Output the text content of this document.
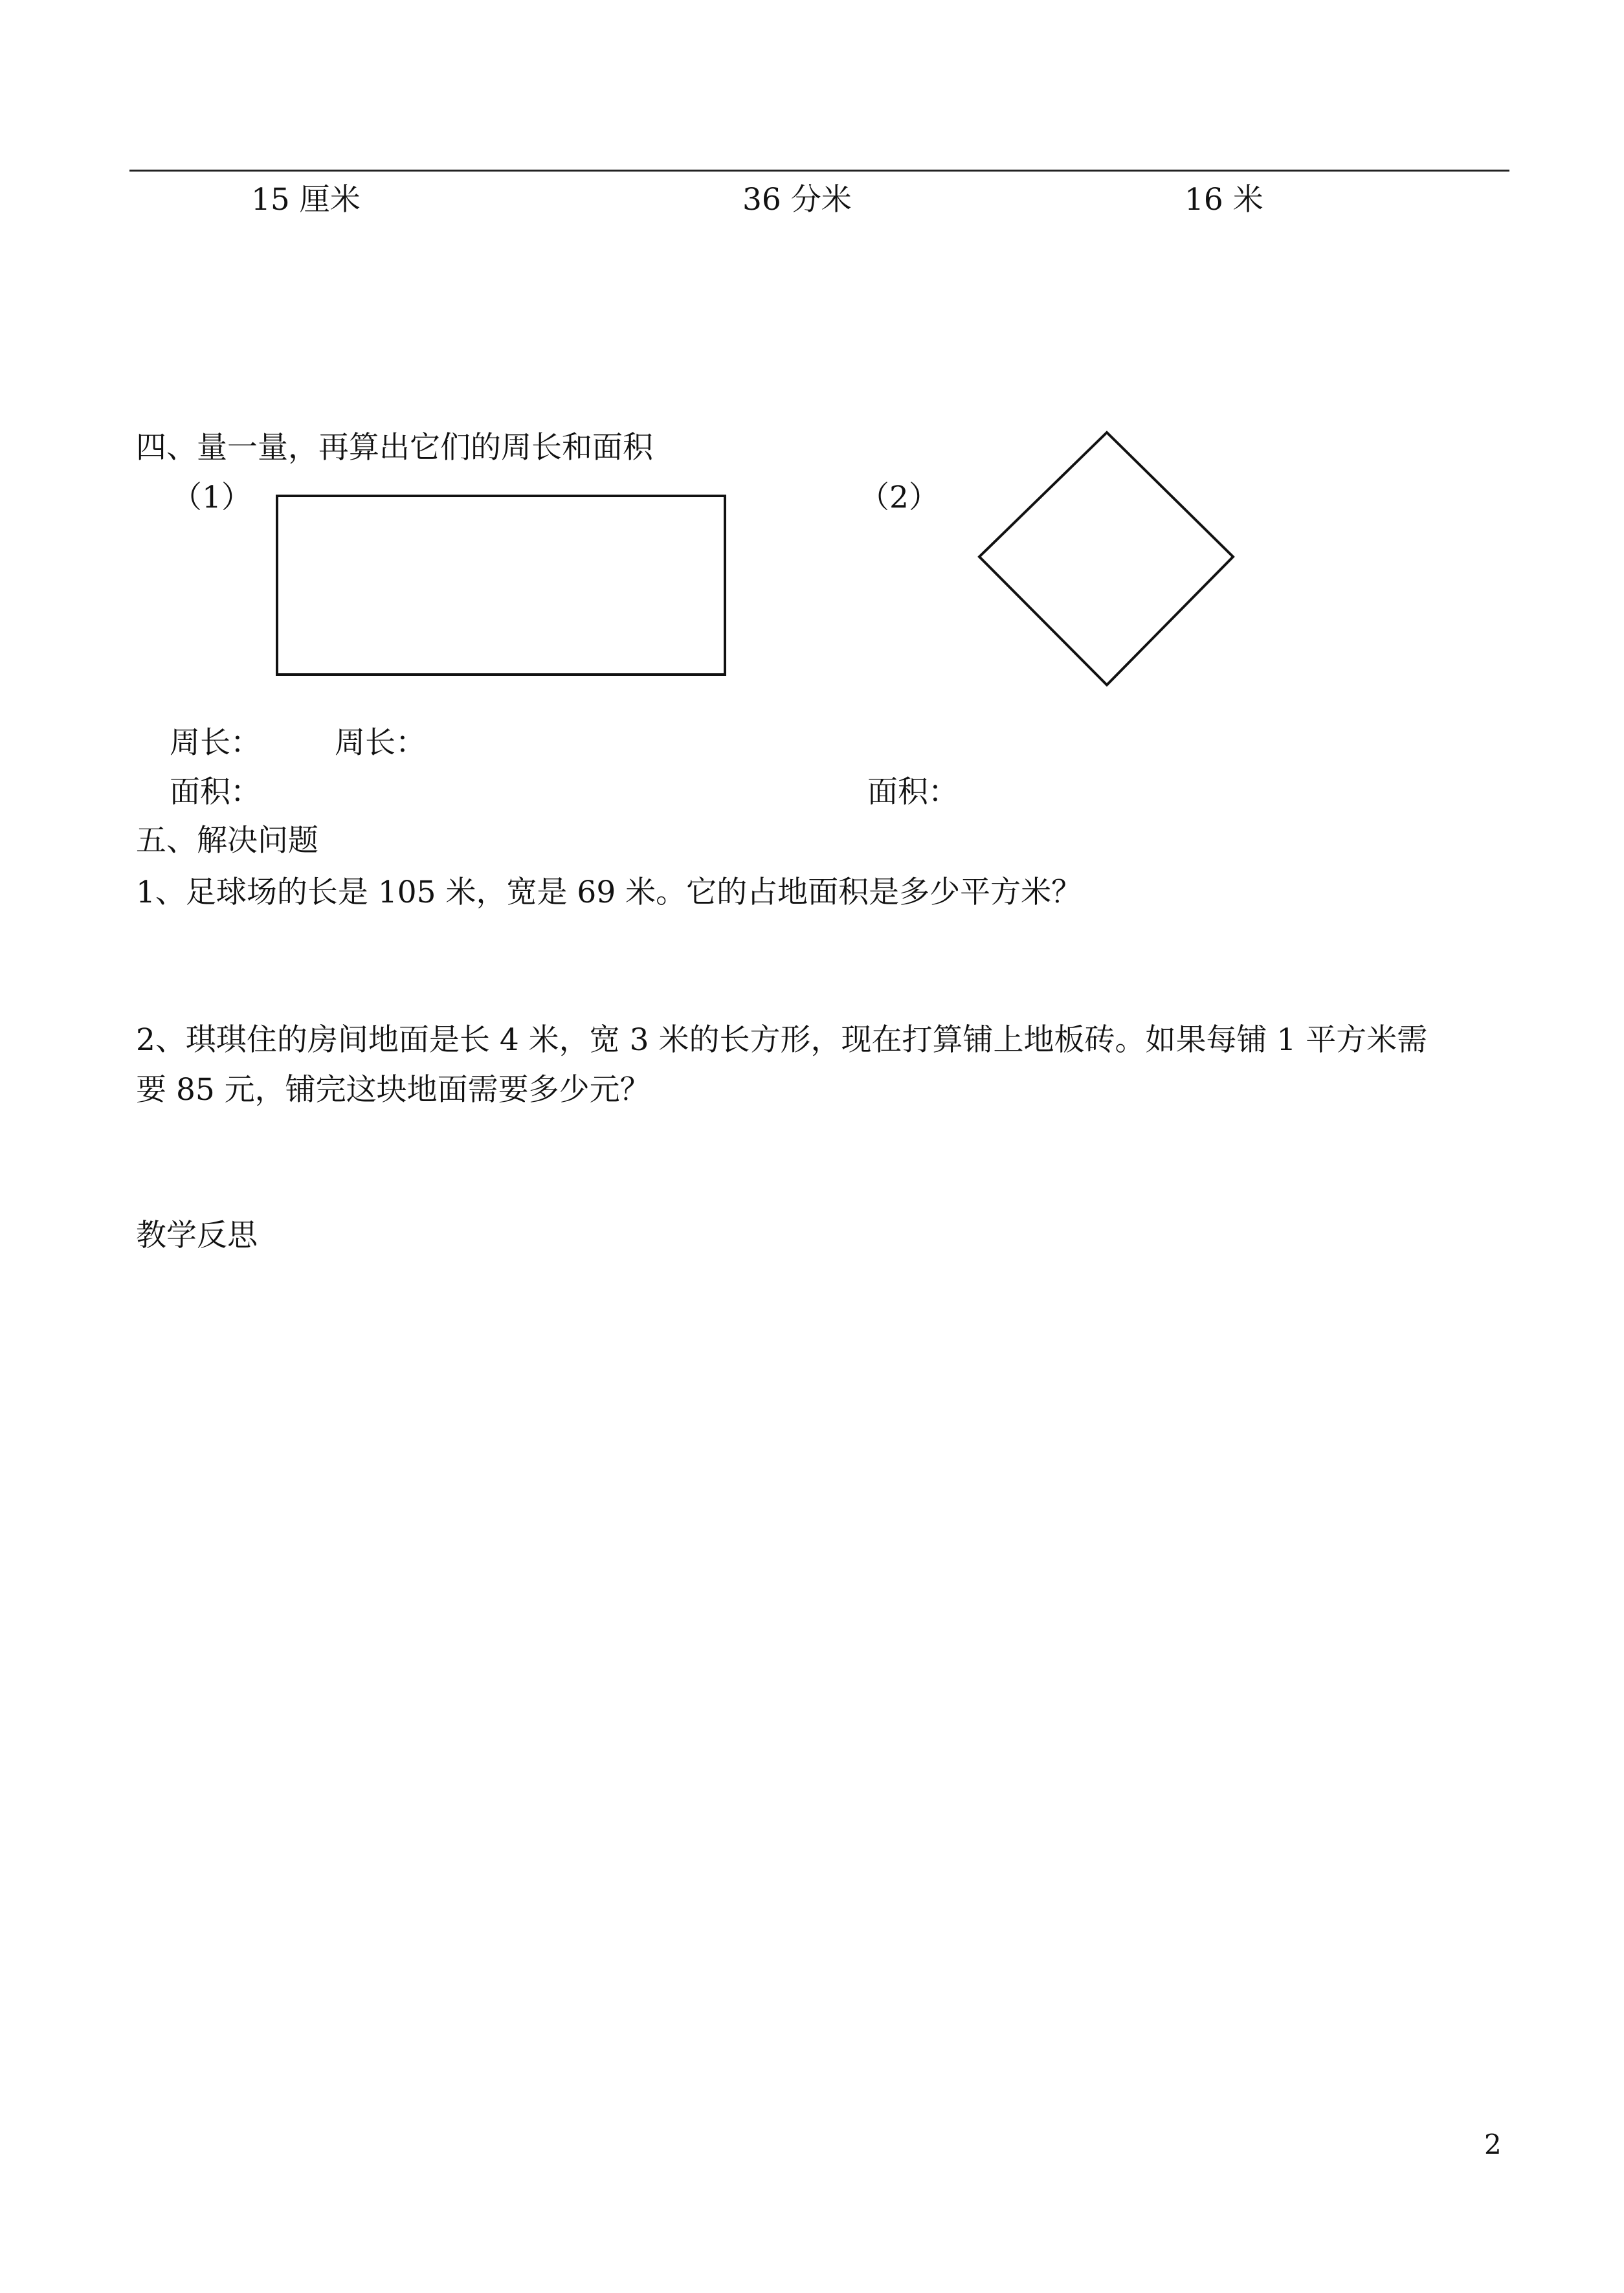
15 厘米	36 分米	16 米
四、量一量，再算出它们的周长和面积
（1）	（2）
周长： 周长：
面积：	面积：
五、解决问题
1、足球场的长是 105 米，宽是 69 米。它的占地面积是多少平方米？
2、琪琪住的房间地面是长 4 米，宽 3 米的长方形，现在打算铺上地板砖。如果每铺 1 平方米需
要 85 元，铺完这块地面需要多少元？
教学反思
2
